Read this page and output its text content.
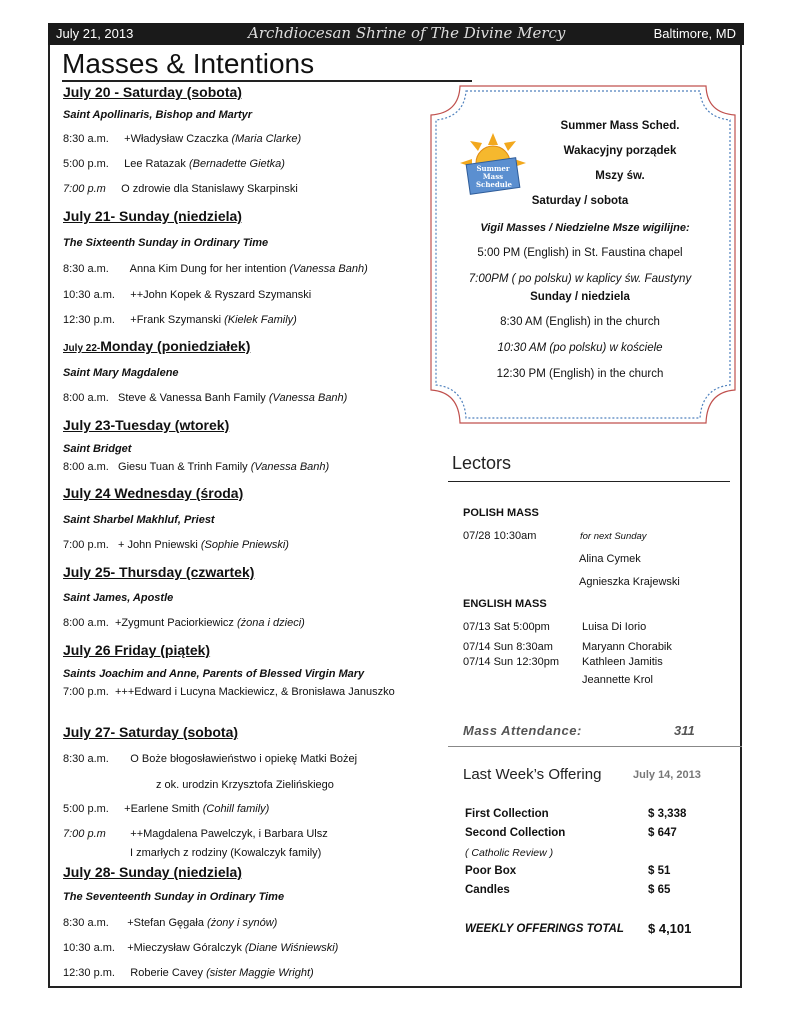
July 21, 2013	Archdiocesan Shrine of The Divine Mercy	Baltimore, MD
Masses & Intentions
July 20 - Saturday (sobota)
Saint Apollinaris, Bishop and Martyr
8:30 a.m. +Władysław Czaczka (Maria Clarke)
5:00 p.m. Lee Ratazak (Bernadette Gietka)
7:00 p.m O zdrowie dla Stanislawy Skarpinski
July 21- Sunday (niedziela)
The Sixteenth Sunday in Ordinary Time
8:30 a.m. Anna Kim Dung for her intention (Vanessa Banh)
10:30 a.m. ++John Kopek & Ryszard Szymanski
12:30 p.m. +Frank Szymanski (Kielek Family)
July 22-Monday (poniedziałek)
Saint Mary Magdalene
8:00 a.m. Steve & Vanessa Banh Family (Vanessa Banh)
July 23-Tuesday (wtorek)
Saint Bridget
8:00 a.m. Giesu Tuan & Trinh Family (Vanessa Banh)
July 24 Wednesday (środa)
Saint Sharbel Makhluf, Priest
7:00 p.m. + John Pniewski (Sophie Pniewski)
July 25- Thursday (czwartek)
Saint James, Apostle
8:00 a.m. +Zygmunt Paciorkiewicz (żona i dzieci)
July 26 Friday (piątek)
Saints Joachim and Anne, Parents of Blessed Virgin Mary
7:00 p.m. +++Edward i Lucyna Mackiewicz, & Bronisława Januszko
July 27- Saturday (sobota)
8:30 a.m. O Boże błogosławieństwo i opiekę Matki Bożej
z ok. urodzin Krzysztofa Zielińskiego
5:00 p.m. +Earlene Smith (Cohill family)
7:00 p.m ++Magdalena Pawelczyk, i Barbara Ulsz
I zmarłych z rodziny (Kowalczyk family)
July 28- Sunday (niedziela)
The Seventeenth Sunday in Ordinary Time
8:30 a.m. +Stefan Gęgała (żony i synów)
10:30 a.m. +Mieczysław Góralczyk (Diane Wiśniewski)
12:30 p.m. Roberie Cavey (sister Maggie Wright)
Summer
Mass
Schedule
Summer Mass Sched.
Wakacyjny porządek
Mszy św.
Saturday / sobota
Vigil Masses / Niedzielne Msze wigilijne:
5:00 PM (English) in St. Faustina chapel
7:00PM ( po polsku) w kaplicy św. Faustyny
Sunday / niedziela
8:30 AM (English) in the church
10:30 AM (po polsku) w kościele
12:30 PM (English) in the church
Lectors
POLISH MASS
07/28 10:30am	for next Sunday
Alina Cymek
Agnieszka Krajewski
ENGLISH MASS
07/13 Sat 5:00pm	Luisa Di Iorio
07/14 Sun 8:30am	Maryann Chorabik
07/14 Sun 12:30pm Kathleen Jamitis
Jeannette Krol
Mass Attendance:	311
Last Week’s Offering	July 14, 2013
First Collection	$ 3,338
Second Collection	$ 647
( Catholic Review )
Poor Box	$ 51
Candles	$ 65
WEEKLY OFFERINGS TOTAL $ 4,101
